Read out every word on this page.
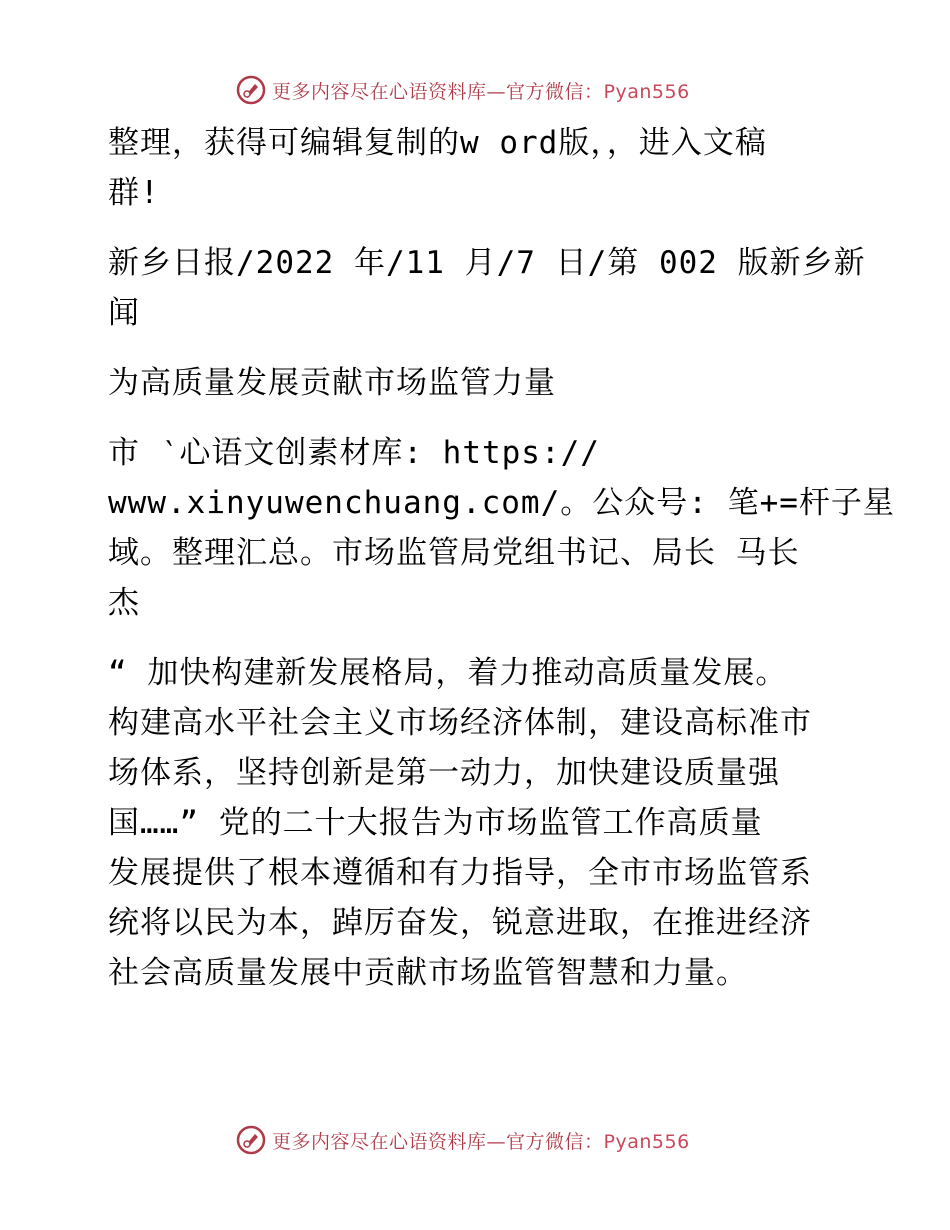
更多内容尽在心语资料库—官方微信：Pyan556

整理，获得可编辑复制的w ord版，，进入文稿
群!

新乡日报/2022 年/11 月/7 日/第 002 版新乡新
闻

为高质量发展贡献市场监管力量

市 ‵心语文创素材库: https://
www.xinyuwenchuang.com/。公众号: 笔+=杆子星
域。整理汇总。市场监管局党组书记、局长 马长
杰

“ 加快构建新发展格局，着力推动高质量发展。
构建高水平社会主义市场经济体制，建设高标准市
场体系，坚持创新是第一动力，加快建设质量强
国……” 党的二十大报告为市场监管工作高质量
发展提供了根本遵循和有力指导，全市市场监管系
统将以民为本，踔厉奋发，锐意进取，在推进经济
社会高质量发展中贡献市场监管智慧和力量。

更多内容尽在心语资料库—官方微信：Pyan556
